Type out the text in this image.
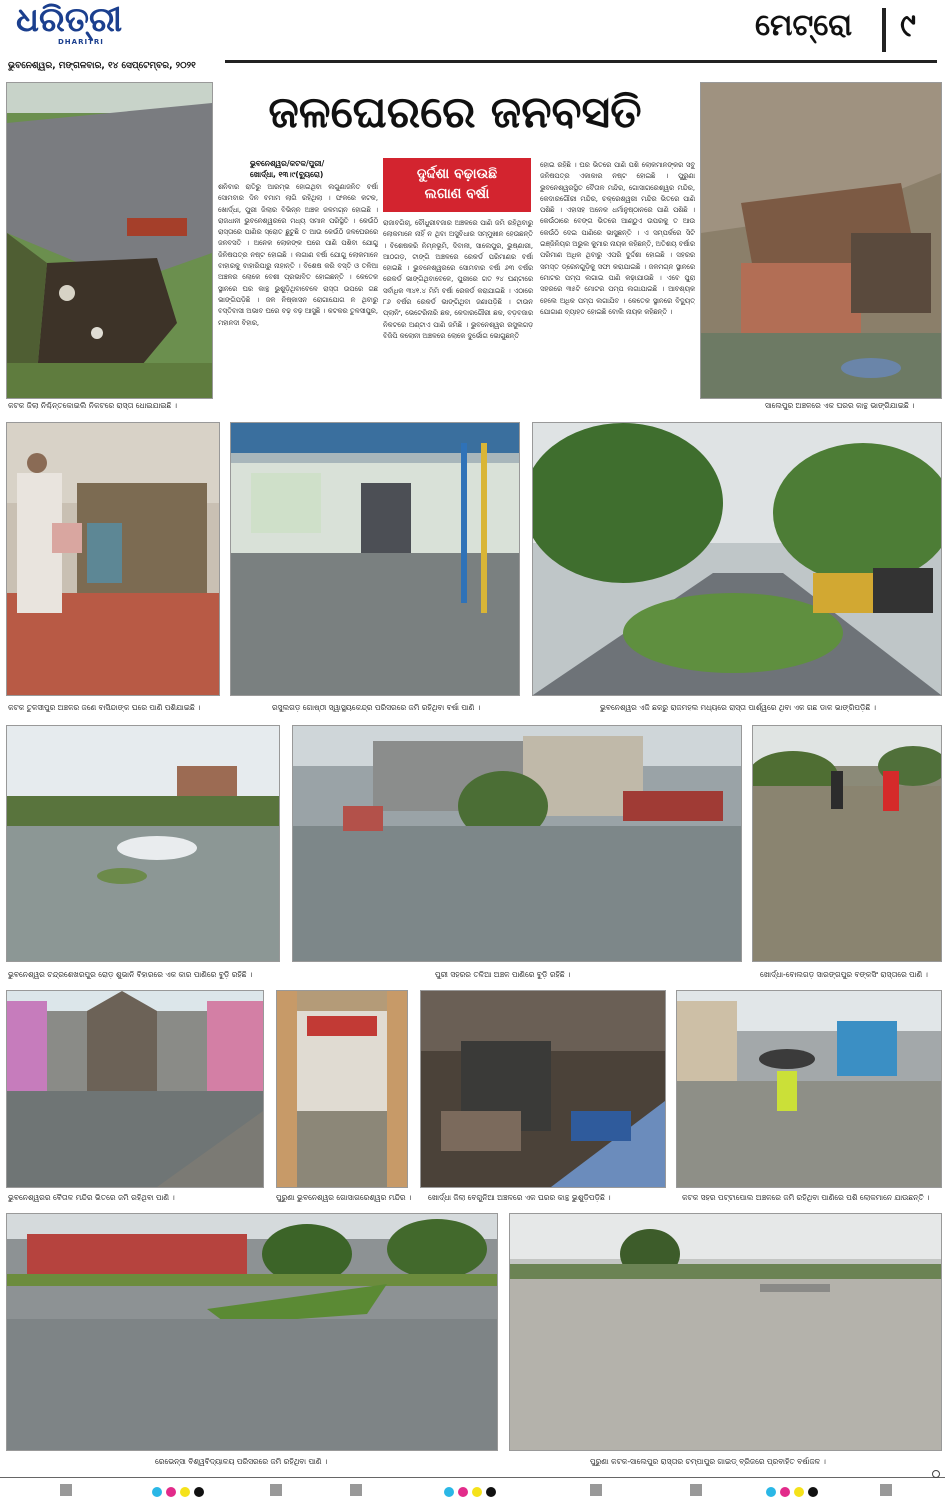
ଧରିତ୍ରୀ
DHARITRI
ଭୁବନେଶ୍ୱର, ମଙ୍ଗଳବାର, ୧୪ ସେପ୍ଟେମ୍ବର, ୨୦୨୧
ମେଟ୍ରୋ ୯
କଟକ ଜିଲା ନିଶ୍ଚିନ୍ତକୋଇଲି ନିକଟରେ ରାସ୍ତା ଧୋଇଯାଇଛି ।
ଜଳଘେରରେ ଜନବସତି
ଭୁବନେଶ୍ୱର/କଟକ/ପୁରୀ/
ଖୋର୍ଦ୍ଧା, ୧୩।୯(ବ୍ୟୁରୋ)	ଦୁର୍ଦ୍ଦଶା ବଢ଼ାଉଛି
ଲଗାଣ ବର୍ଷା

ଶନିବାର ରାତିରୁ ଆରମ୍ଭ ହୋଇଥିବା ଲଗୁଣାଜନିତ ବର୍ଷା ସୋମବାର ଦିନ ବମାମ ଲାଗି ରହିଥିଲା । ଫଳରେ କଟକ, ଖୋର୍ଦ୍ଧା, ପୁରୀ ଜିଲାର ବିଭିନ୍ନ ଅଞ୍ଚଳ ଜଳମଗ୍ନ ହୋଇଛି । ରାଜଧାନୀ ଭୁବନେଶ୍ୱରରେ ମଧ୍ୟ ସମାନ ପରିସ୍ଥିତି । କେଉଁଠି ରାସ୍ତାରେ ପାଣିର ସ୍ରୋତ ଛୁଟୁଛି ତ ଆଉ କେଉଁଠି ଜଳଘେରରେ ଜନବସତି । ଅନେକ ଲୋକଙ୍କ ଘରେ ପାଣି ପଶିବା ଯୋଗୁ ଜିନିଷପତ୍ର ନଷ୍ଟ ହୋଇଛି । ଲଗାଣ ବର୍ଷା ଯୋଗୁ ଲୋକମାନେ ବାହାରକୁ ବାହାରିପାରୁ ନାହାନ୍ତି । ବିଶେଷ କରି ବସ୍ତି ଓ ତଳିଆ ଅଞ୍ଚଳର ଲୋକେ ବେଶୀ ପ୍ରଭାବିତ ହୋଇଛନ୍ତି । କେତେକ ସ୍ଥାନରେ ଘର କାନ୍ଥ ଭୁଶୁଡ଼ିଥିବାବେଳେ ରାସ୍ତା ଉପରେ ଗଛ ଭାଙ୍ଗିପଡ଼ିଛି । ଜଳ ନିଷ୍କାସନ ରୋଗାଯୋଗ ନ ଥିବାରୁ ବସ୍ତିବାସୀ ଅଭାବ ଘରେ ବଢ଼ ବଢ଼ ଆସୁଛି । କଟକର ତୁଳସୀପୁର, ମହାନଦୀ ବିହାର,

ରାଜାବଗିଚା, ଚୌଧୁରୀବଜାର ଅଞ୍ଚଳରେ ପାଣି ଜମି ରହିଥିବାରୁ ଲୋକମାନେ ନାହିଁ ନ ଥିବା ଅସୁବିଧାର ସମ୍ମୁଖୀନ ହେଉଛନ୍ତି । ବିଶେଷକରି ନିମ୍ନଭୂମି, ଦିବାଳୀ, ସାଲେପୁର, ଭୁଷ୍ଣାରୀ, ଆଠଗଡ଼, ଟାଙ୍ଗି ଅଞ୍ଚଳରେ ରେକର୍ଡ ପରିମାଣର ବର୍ଷା ହୋଇଛି । ଭୁବନେଶ୍ୱରରେ ସୋମବାର ବର୍ଷା ୬୩ ବର୍ଷର ରେକର୍ଡ ଭାଙ୍ଗିଥିବାବେଳେ, ପୁରୀରେ ଗତ ୨୪ ଘଣ୍ଟାରେ ସର୍ବାଧିକ ୩୪୧.୪ ମିମି ବର୍ଷା ରେକର୍ଡ କରାଯାଇଛି । ଏଠାରେ ୮୬ ବର୍ଷର ରେକର୍ଡ ଭାଙ୍ଗିଥିବା ଜଣାପଡ଼ିଛି । ଟାଉନ ପ୍ଲାନିଂ, ଭେଟେରିନାରି ଛକ, କେଦାରଗୌରୀ ଛକ, ବଡ଼ବଜାର ନିକଟରେ ଅଣ୍ଟାଏ ପାଣି ଜମିଛି । ଭୁବନେଶ୍ୱର ରସୁଲଗଡ଼ ବିଜିପି କଲୋନୀ ଅଞ୍ଚଳରେ ଲୋକେ ଦୁର୍ଭୋଗ ଭୋଗୁଛନ୍ତି

ହୋଇ ରହିଛି । ଘର ଭିତରେ ପାଣି ପଶି ଲୋକମାନଙ୍କର ସବୁ ଜନିଷପତ୍ର ଏକାକାର ନଷ୍ଟ ହୋଇଛି । ପୁରୁଣା ଭୁବନେଶ୍ୱରସ୍ଥିତ ବୈତାଳ ମନ୍ଦିର, ଗୋସାଗରେଶ୍ୱର ମନ୍ଦିର, କେଦାରଗୌରୀ ମନ୍ଦିର, ଚକ୍ରେଶ୍ୱରୀ ମନ୍ଦିର ଭିତରେ ପାଣି ପଶିଛି । ଏହାସହ ଅନେକ ଧର୍ମାନୁଷ୍ଠାନରେ ପାଣି ପଶିଛି । କେଉଁଠାରେ ବେଙ୍ଗ ଭିତରେ ଆଣ୍ଠୁଏ ଉପରକୁ ତ ଆଉ କେଉଁଠି ଦେଇ ପାଣିରେ ଭାସୁଛନ୍ତି । ଏ ସମ୍ପର୍କରେ ସିଟି ଇଞ୍ଜିନିୟର ଅଭୁଲ କୁମାର ନାୟକ କହିଛନ୍ତି, ଅତିଶୟ ବର୍ଷାର ପରିମାଣ ଅଧିକ ଥିବାରୁ ଏପରି ଦୁର୍ଦ୍ଦଶା ହୋଇଛି । ସହରର ସମସ୍ତ ଡ୍ରେନଗୁଡ଼ିକୁ ସଫା କରାଯାଇଛି । ଜଳମଗ୍ନ ସ୍ଥାନରେ ମୋଟର ପମ୍ପ ଲଗାଇ ପାଣି କଢ଼ାଯାଉଛି । ଏବେ ପୁରା ସହରରେ ୩୫ଟି ମୋଟର ପମ୍ପ ଲଗାଯାଇଛି । ଆବଶ୍ୟକ ହେଲେ ଅଧିକ ପମ୍ପ ଲଗାଯିବ । କେତେକ ସ୍ଥାନରେ ବିଦ୍ୟୁତ୍ ଯୋଗାଣ ବ୍ୟାହତ ହୋଇଛି ବୋଲି ନାୟକ କହିଛନ୍ତି ।

ସାଲେପୁର ଅଞ୍ଚଳରେ ଏକ ଘରର କାନ୍ଥ ଭାଙ୍ଗିଯାଇଛି ।
କଟକ ତୁଳସୀପୁର ଅଞ୍ଚଳର ଜଣେ ବାସିନ୍ଦାଙ୍କ ଘରେ ପାଣି ପଶିଯାଇଛି ।	ରସୁଲଗଡ଼ ଗୋଷ୍ଠୀ ସ୍ୱାସ୍ଥ୍ୟକେନ୍ଦ୍ର ପରିସରରେ ଜମି ରହିଥିବା ବର୍ଷା ପାଣି ।	ଭୁବନେଶ୍ୱର ଏଜି ଛକରୁ ରାଜମହଲ ମଧ୍ୟରେ ରାସ୍ତା ପାର୍ଶ୍ୱରେ ଥିବା ଏକ ଗଛ ଡାଳ ଭାଙ୍ଗିପଡ଼ିଛି ।
ଭୁବନେଶ୍ୱର ଚନ୍ଦ୍ରଶେଖରପୁର ରୋଡ଼ ଶୁଭାନି ବିହାରରେ ଏକ କାର ପାଣିରେ ବୁଡ଼ି ରହିଛି ।	ପୁରୀ ସହରର ତଳିଆ ଅଞ୍ଚଳ ପାଣିରେ ବୁଡ଼ି ରହିଛି ।	ଖୋର୍ଦ୍ଧା-ବୋଲଗଡ଼ ସାରଙ୍ଗପୁର ବଙ୍କସିଂ ରାସ୍ତାରେ ପାଣି ।
ଭୁବନେଶ୍ୱରର ବୈତାଳ ମନ୍ଦିର ଭିତରେ ଜମି ରହିଥିବା ପାଣି ।	ପୁରୁଣା ଭୁବନେଶ୍ୱର ଗୋସାଗରେଶ୍ୱର ମନ୍ଦିର ।	ଖୋର୍ଦ୍ଧା ଜିଲା ବେଗୁନିଆ ଅଞ୍ଚଳରେ ଏକ ଘରର କାନ୍ଥ ଭୁଶୁଡ଼ିପଡ଼ିଛି ।	କଟକ ସହର ପଟ୍ଟାପୋଲ ଅଞ୍ଚଳରେ ଜମି ରହିଥିବା ପାଣିରେ ପଶି ଲୋକମାନେ ଯାଉଛନ୍ତି ।
ରେଭେନ୍ସା ବିଶ୍ୱବିଦ୍ୟାଳୟ ପରିସରରେ ଜମି ରହିଥିବା ପାଣି ।	ପୁରୁଣା କଟକ-ସାଲେପୁର ରାସ୍ତାର ଚମ୍ପାପୁର ଗାଇଡ୍ ବ୍ରିଜରେ ପ୍ରବାହିତ ବର୍ଷାଜଳ ।
